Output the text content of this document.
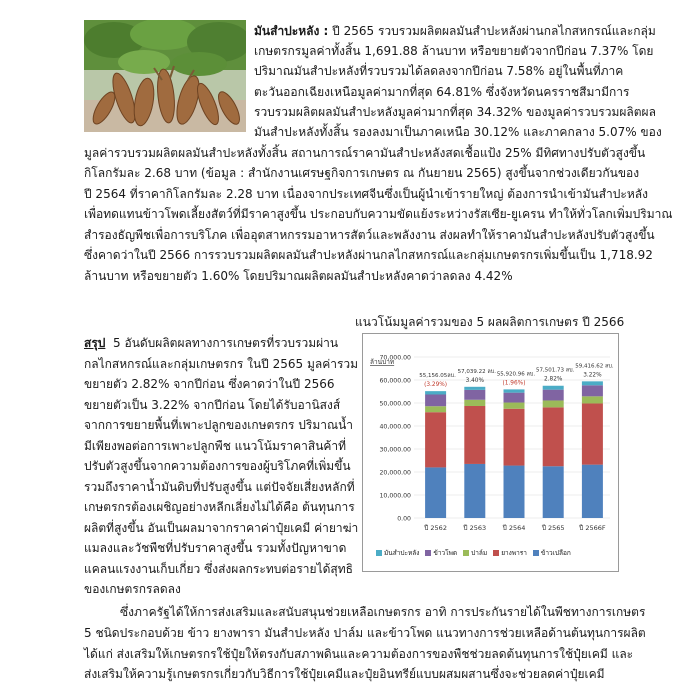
มันสำปะหลัง : ปี 2565 รวบรวมผลิตผลมันสำปะหลังผ่านกลไกสหกรณ์และกลุ่ม
เกษตรกรมูลค่าทั้งสิ้น 1,691.88 ล้านบาท หรือขยายตัวจากปีก่อน 7.37% โดย
ปริมาณมันสำปะหลังที่รวบรวมได้ลดลงจากปีก่อน 7.58% อยู่ในพื้นที่ภาค
ตะวันออกเฉียงเหนือมูลค่ามากที่สุด 64.81% ซึ่งจังหวัดนครราชสีมามีการ
รวบรวมผลิตผลมันสำปะหลังมูลค่ามากที่สุด 34.32% ของมูลค่ารวบรวมผลิตผล
มันสำปะหลังทั้งสิ้น รองลงมาเป็นภาคเหนือ 30.12% และภาคกลาง 5.07% ของ
มูลค่ารวบรวมผลิตผลมันสำปะหลังทั้งสิ้น สถานการณ์ราคามันสำปะหลังสดเชื้อแป้ง 25% มีทิศทางปรับตัวสูงขึ้น
กิโลกรัมละ 2.68 บาท (ข้อมูล : สำนักงานเศรษฐกิจการเกษตร ณ กันยายน 2565) สูงขึ้นจากช่วงเดียวกันของ
ปี 2564 ที่ราคากิโลกรัมละ 2.28 บาท เนื่องจากประเทศจีนซึ่งเป็นผู้นำเข้ารายใหญ่ ต้องการนำเข้ามันสำปะหลัง
เพื่อทดแทนข้าวโพดเลี้ยงสัตว์ที่มีราคาสูงขึ้น ประกอบกับความขัดแย้งระหว่างรัสเซีย-ยูเครน ทำให้ทั่วโลกเพิ่มปริมาณ
สำรองธัญพืชเพื่อการบริโภค เพื่ออุตสาหกรรมอาหารสัตว์และพลังงาน ส่งผลทำให้ราคามันสำปะหลังปรับตัวสูงขึ้น
ซึ่งคาดว่าในปี 2566 การรวบรวมผลิตผลมันสำปะหลังผ่านกลไกสหกรณ์และกลุ่มเกษตรกรเพิ่มขึ้นเป็น 1,718.92
ล้านบาท หรือขยายตัว 1.60% โดยปริมาณผลิตผลมันสำปะหลังคาดว่าลดลง 4.42%
สรุป 5 อันดับผลิตผลทางการเกษตรที่รวบรวมผ่าน
กลไกสหกรณ์และกลุ่มเกษตรกร ในปี 2565 มูลค่ารวม
ขยายตัว 2.82% จากปีก่อน ซึ่งคาดว่าในปี 2566
ขยายตัวเป็น 3.22% จากปีก่อน โดยได้รับอานิสงส์
จากการขยายพื้นที่เพาะปลูกของเกษตรกร ปริมาณน้ำ
มีเพียงพอต่อการเพาะปลูกพืช แนวโน้มราคาสินค้าที่
ปรับตัวสูงขึ้นจากความต้องการของผู้บริโภคที่เพิ่มขึ้น
รวมถึงราคาน้ำมันดิบที่ปรับสูงขึ้น แต่ปัจจัยเสี่ยงหลักที่
เกษตรกรต้องเผชิญอย่างหลีกเลี่ยงไม่ได้คือ ต้นทุนการ
ผลิตที่สูงขึ้น อันเป็นผลมาจากราคาค่าปุ๋ยเคมี ค่ายาฆ่า
แมลงและวัชพืชที่ปรับราคาสูงขึ้น รวมทั้งปัญหาขาด
แคลนแรงงานเก็บเกี่ยว ซึ่งส่งผลกระทบต่อรายได้สุทธิ
ของเกษตรกรลดลง
ซึ่งภาครัฐได้ให้การส่งเสริมและสนับสนุนช่วยเหลือเกษตรกร อาทิ การประกันรายได้ในพืชทางการเกษตร
5 ชนิดประกอบด้วย ข้าว ยางพารา มันสำปะหลัง ปาล์ม และข้าวโพด แนวทางการช่วยเหลือด้านต้นทุนการผลิต
ได้แก่ ส่งเสริมให้เกษตรกรใช้ปุ๋ยให้ตรงกับสภาพดินและความต้องการของพืชช่วยลดต้นทุนการใช้ปุ๋ยเคมี และ
ส่งเสริมให้ความรู้เกษตรกรเกี่ยวกับวิธีการใช้ปุ๋ยเคมีและปุ๋ยอินทรีย์แบบผสมผสานซึ่งจะช่วยลดค่าปุ๋ยเคมี
แนวโน้มมูลค่ารวมของ 5 ผลผลิตการเกษตร ปี 2566
ล้านบาท
0.00
10,000.00
20,000.00
30,000.00
40,000.00
50,000.00
60,000.00
70,000.00
ปี 2562
55,156.05ลบ.
(3.29%)
ปี 2563
57,039.22 ลบ.
3.40%
ปี 2564
55,920.96 ลบ.
(1.96%)
ปี 2565
57,501.73 ลบ.
2.82%
ปี 2566F
59,416.62 ลบ.
3.22%
มันสำปะหลัง ข้าวโพด ปาล์ม ยางพารา ข้าวเปลือก
